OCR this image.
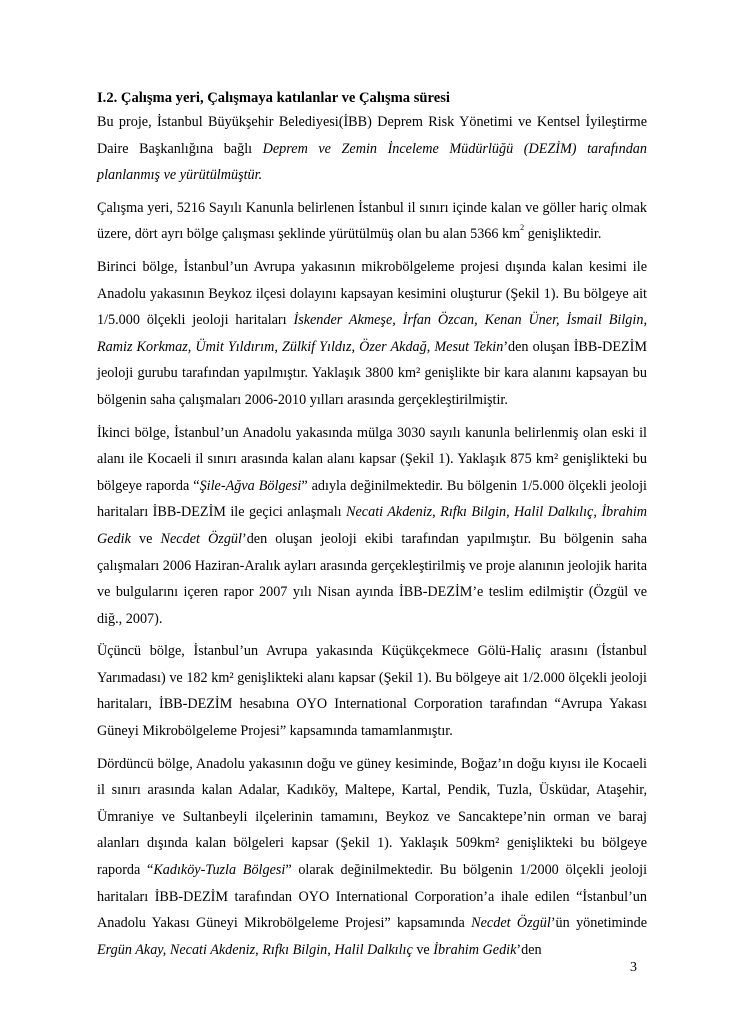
I.2. Çalışma yeri, Çalışmaya katılanlar ve Çalışma süresi

Bu proje, İstanbul Büyükşehir Belediyesi(İBB) Deprem Risk Yönetimi ve Kentsel İyileştirme Daire Başkanlığına bağlı Deprem ve Zemin İnceleme Müdürlüğü (DEZİM) tarafından planlanmış ve yürütülmüştür.

Çalışma yeri, 5216 Sayılı Kanunla belirlenen İstanbul il sınırı içinde kalan ve göller hariç olmak üzere, dört ayrı bölge çalışması şeklinde yürütülmüş olan bu alan 5366 $km^2$ genişliktedir.

Birinci bölge, İstanbul’un Avrupa yakasının mikrobölgeleme projesi dışında kalan kesimi ile Anadolu yakasının Beykoz ilçesi dolayını kapsayan kesimini oluşturur (Şekil 1). Bu bölgeye ait 1/5.000 ölçekli jeoloji haritaları İskender Akmeşe, İrfan Özcan, Kenan Üner, İsmail Bilgin, Ramiz Korkmaz, Ümit Yıldırım, Zülkif Yıldız, Özer Akdağ, Mesut Tekin’den oluşan İBB-DEZİM jeoloji gurubu tarafından yapılmıştır. Yaklaşık 3800 km² genişlikte bir kara alanını kapsayan bu bölgenin saha çalışmaları 2006-2010 yılları arasında gerçekleştirilmiştir.

İkinci bölge, İstanbul’un Anadolu yakasında mülga 3030 sayılı kanunla belirlenmiş olan eski il alanı ile Kocaeli il sınırı arasında kalan alanı kapsar (Şekil 1). Yaklaşık 875 km² genişlikteki bu bölgeye raporda “Şile-Ağva Bölgesi” adıyla değinilmektedir. Bu bölgenin 1/5.000 ölçekli jeoloji haritaları İBB-DEZİM ile geçici anlaşmalı Necati Akdeniz, Rıfkı Bilgin, Halil Dalkılıç, İbrahim Gedik ve Necdet Özgül’den oluşan jeoloji ekibi tarafından yapılmıştır. Bu bölgenin saha çalışmaları 2006 Haziran-Aralık ayları arasında gerçekleştirilmiş ve proje alanının jeolojik harita ve bulgularını içeren rapor 2007 yılı Nisan ayında İBB-DEZİM’e teslim edilmiştir (Özgül ve diğ., 2007).

Üçüncü bölge, İstanbul’un Avrupa yakasında Küçükçekmece Gölü-Haliç arasını (İstanbul Yarımadası) ve 182 km² genişlikteki alanı kapsar (Şekil 1). Bu bölgeye ait 1/2.000 ölçekli jeoloji haritaları, İBB-DEZİM hesabına OYO International Corporation tarafından “Avrupa Yakası Güneyi Mikrobölgeleme Projesi” kapsamında tamamlanmıştır.

Dördüncü bölge, Anadolu yakasının doğu ve güney kesiminde, Boğaz’ın doğu kıyısı ile Kocaeli il sınırı arasında kalan Adalar, Kadıköy, Maltepe, Kartal, Pendik, Tuzla, Üsküdar, Ataşehir, Ümraniye ve Sultanbeyli ilçelerinin tamamını, Beykoz ve Sancaktepe’nin orman ve baraj alanları dışında kalan bölgeleri kapsar (Şekil 1). Yaklaşık 509km² genişlikteki bu bölgeye raporda “Kadıköy-Tuzla Bölgesi” olarak değinilmektedir. Bu bölgenin 1/2000 ölçekli jeoloji haritaları İBB-DEZİM tarafından OYO International Corporation’a ihale edilen “İstanbul’un Anadolu Yakası Güneyi Mikrobölgeleme Projesi” kapsamında Necdet Özgül’ün yönetiminde Ergün Akay, Necati Akdeniz, Rıfkı Bilgin, Halil Dalkılıç ve İbrahim Gedik’den

3
